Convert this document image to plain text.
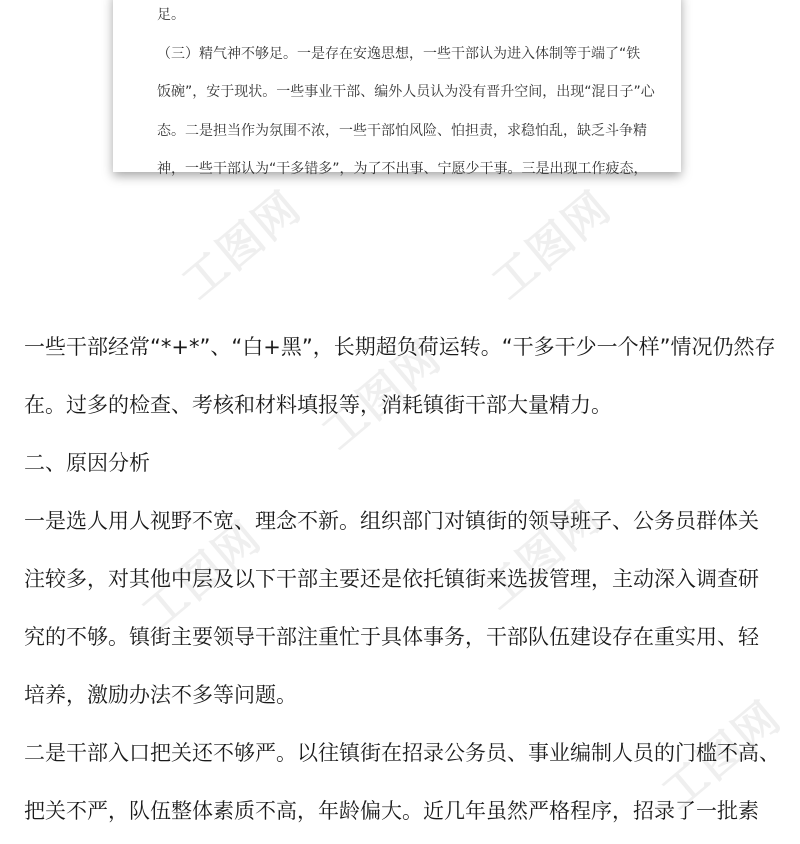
足。
（三）精气神不够足。一是存在安逸思想，一些干部认为进入体制等于端了“铁
饭碗”，安于现状。一些事业干部、编外人员认为没有晋升空间，出现“混日子”心
态。二是担当作为氛围不浓，一些干部怕风险、怕担责，求稳怕乱，缺乏斗争精
神，一些干部认为“干多错多”，为了不出事、宁愿少干事。三是出现工作疲态，
工图网	工图网
工图网
工图网	工图网
工图网
一些干部经常“*+*”、“白+黑”，长期超负荷运转。“干多干少一个样”情况仍然存
在。过多的检查、考核和材料填报等，消耗镇街干部大量精力。
二、原因分析
一是选人用人视野不宽、理念不新。组织部门对镇街的领导班子、公务员群体关
注较多，对其他中层及以下干部主要还是依托镇街来选拔管理，主动深入调查研
究的不够。镇街主要领导干部注重忙于具体事务，干部队伍建设存在重实用、轻
培养，激励办法不多等问题。
二是干部入口把关还不够严。以往镇街在招录公务员、事业编制人员的门槛不高、
把关不严，队伍整体素质不高，年龄偏大。近几年虽然严格程序，招录了一批素
